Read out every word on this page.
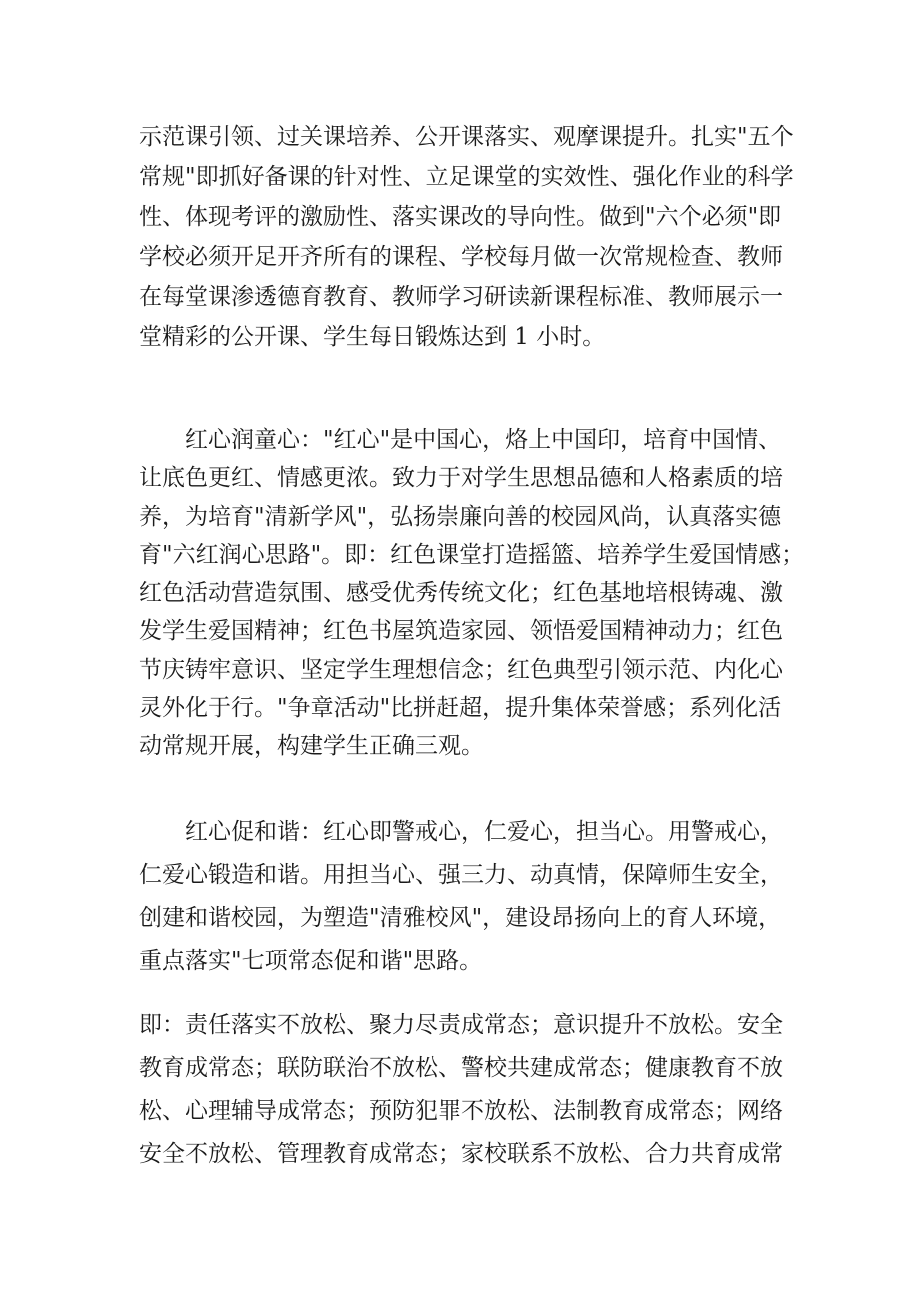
示范课引领、过关课培养、公开课落实、观摩课提升。扎实"五个
常规"即抓好备课的针对性、立足课堂的实效性、强化作业的科学
性、体现考评的激励性、落实课改的导向性。做到"六个必须"即
学校必须开足开齐所有的课程、学校每月做一次常规检查、教师
在每堂课渗透德育教育、教师学习研读新课程标准、教师展示一
堂精彩的公开课、学生每日锻炼达到 1 小时。
红心润童心："红心"是中国心，烙上中国印，培育中国情、
让底色更红、情感更浓。致力于对学生思想品德和人格素质的培
养，为培育"清新学风"，弘扬崇廉向善的校园风尚，认真落实德
育"六红润心思路"。即：红色课堂打造摇篮、培养学生爱国情感；
红色活动营造氛围、感受优秀传统文化；红色基地培根铸魂、激
发学生爱国精神；红色书屋筑造家园、领悟爱国精神动力；红色
节庆铸牢意识、坚定学生理想信念；红色典型引领示范、内化心
灵外化于行。"争章活动"比拼赶超，提升集体荣誉感；系列化活
动常规开展，构建学生正确三观。
红心促和谐：红心即警戒心，仁爱心，担当心。用警戒心，
仁爱心锻造和谐。用担当心、强三力、动真情，保障师生安全，
创建和谐校园，为塑造"清雅校风"，建设昂扬向上的育人环境，
重点落实"七项常态促和谐"思路。
即：责任落实不放松、聚力尽责成常态；意识提升不放松。安全
教育成常态；联防联治不放松、警校共建成常态；健康教育不放
松、心理辅导成常态；预防犯罪不放松、法制教育成常态；网络
安全不放松、管理教育成常态；家校联系不放松、合力共育成常
